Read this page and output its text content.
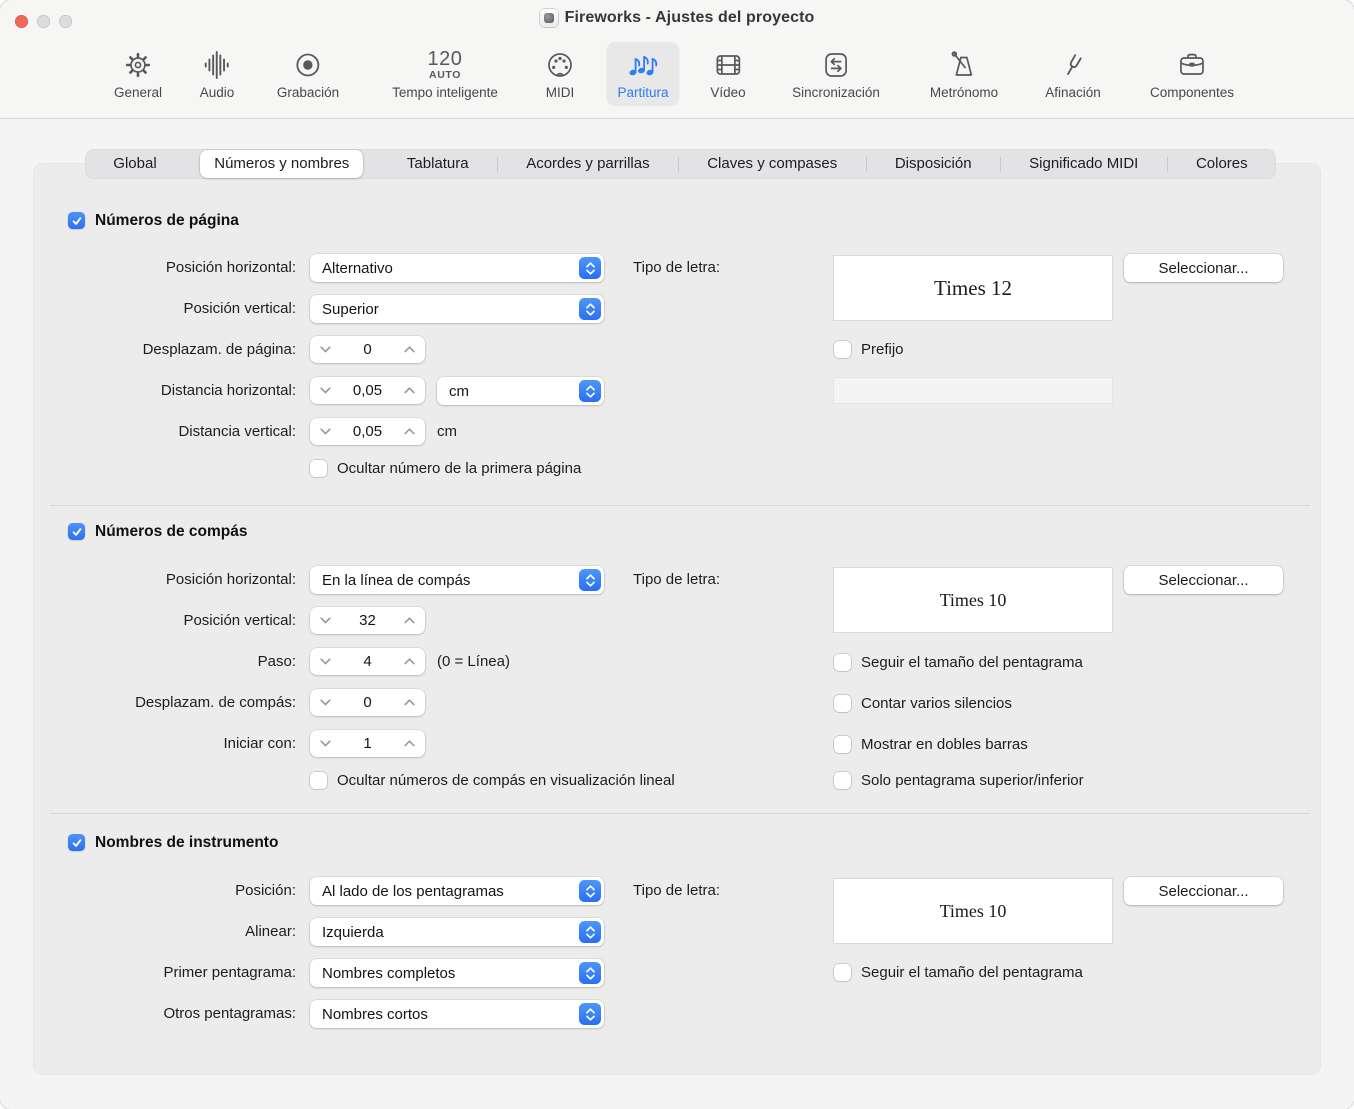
Fireworks - Ajustes del proyecto
General	Audio	Grabación
120
AUTO
Tempo inteligente	MIDI	Partitura	Vídeo	Sincronización	Metrónomo	Afinación	Componentes
Global	Números y nombres	Tablatura	Acordes y parrillas	Claves y compases	Disposición	Significado MIDI	Colores
Números de página
Posición horizontal:	Alternativo	Tipo de letra:
Times 12
Seleccionar...
Posición vertical:	Superior
Desplazam. de página:	0	Prefijo
Distancia horizontal:	0,05	cm
Distancia vertical:	0,05	cm
Ocultar número de la primera página
Números de compás
Posición horizontal:	En la línea de compás	Tipo de letra:
Times 10
Seleccionar...
Posición vertical:	32
Paso:	4	(0 = Línea)	Seguir el tamaño del pentagrama
Desplazam. de compás:	0	Contar varios silencios
Iniciar con:	1	Mostrar en dobles barras
Ocultar números de compás en visualización lineal	Solo pentagrama superior/inferior
Nombres de instrumento
Posición:	Al lado de los pentagramas	Tipo de letra:
Times 10
Seleccionar...
Alinear:	Izquierda
Seguir el tamaño del pentagrama
Primer pentagrama:	Nombres completos
Otros pentagramas:	Nombres cortos
